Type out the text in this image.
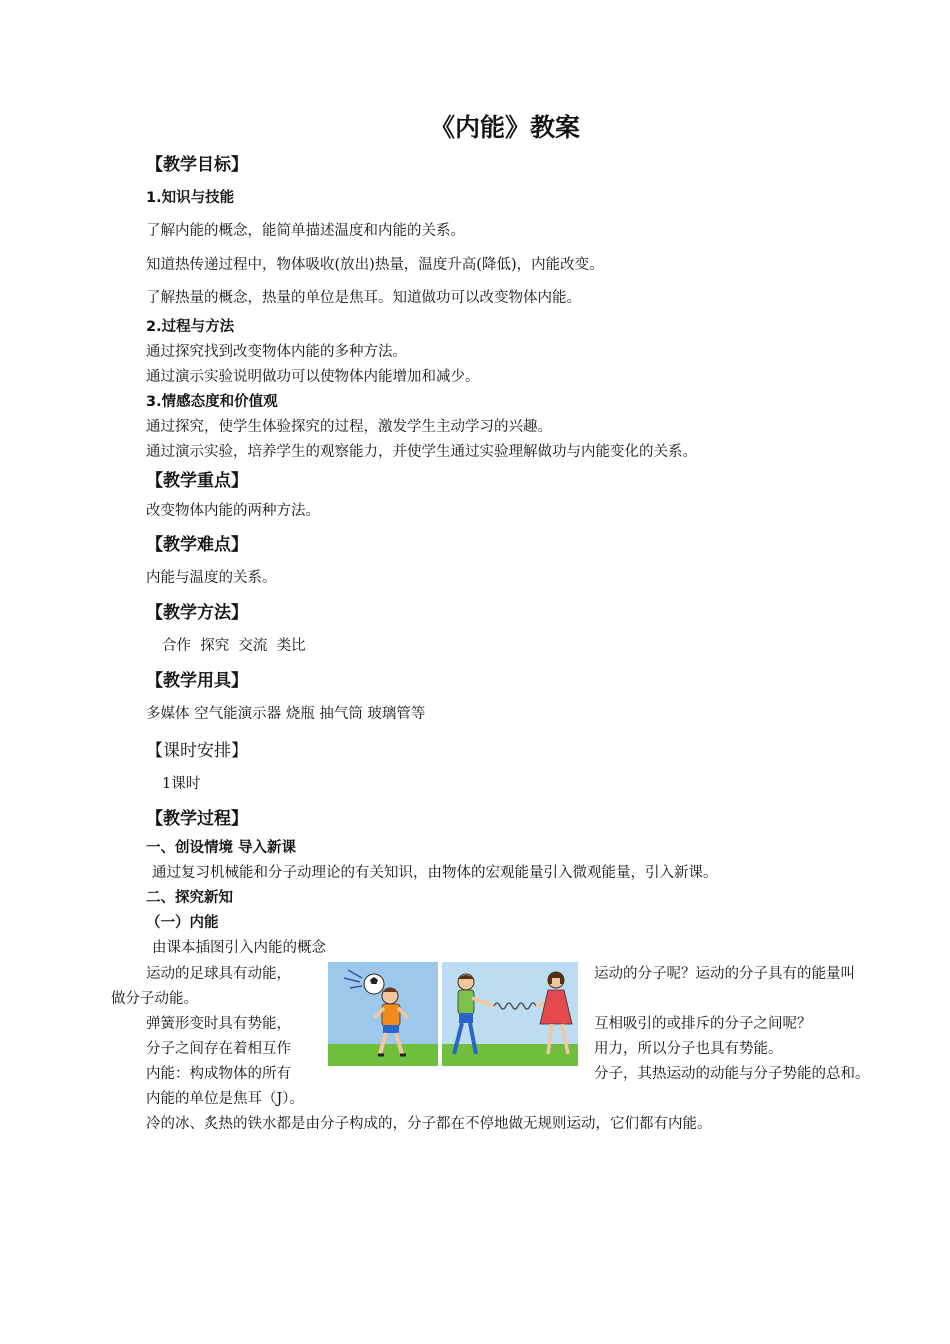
《内能》教案
【教学目标】
1.知识与技能
了解内能的概念，能简单描述温度和内能的关系。
知道热传递过程中，物体吸收(放出)热量，温度升高(降低)，内能改变。
了解热量的概念，热量的单位是焦耳。知道做功可以改变物体内能。
2.过程与方法
通过探究找到改变物体内能的多种方法。
通过演示实验说明做功可以使物体内能增加和减少。
3.情感态度和价值观
通过探究，使学生体验探究的过程，激发学生主动学习的兴趣。
通过演示实验，培养学生的观察能力，并使学生通过实验理解做功与内能变化的关系。
【教学重点】
改变物体内能的两种方法。
【教学难点】
内能与温度的关系。
【教学方法】
合作  探究  交流  类比
【教学用具】
多媒体 空气能演示器 烧瓶 抽气筒 玻璃管等
【课时安排】
1课时
【教学过程】
一、创设情境 导入新课
通过复习机械能和分子动理论的有关知识，由物体的宏观能量引入微观能量，引入新课。
二、探究新知
（一）内能
由课本插图引入内能的概念
运动的足球具有动能，
做分子动能。
弹簧形变时具有势能，
分子之间存在着相互作
内能：构成物体的所有
内能的单位是焦耳（J）。
运动的分子呢？运动的分子具有的能量叫
互相吸引的或排斥的分子之间呢？
用力，所以分子也具有势能。
分子，其热运动的动能与分子势能的总和。
冷的冰、炙热的铁水都是由分子构成的，分子都在不停地做无规则运动，它们都有内能。
